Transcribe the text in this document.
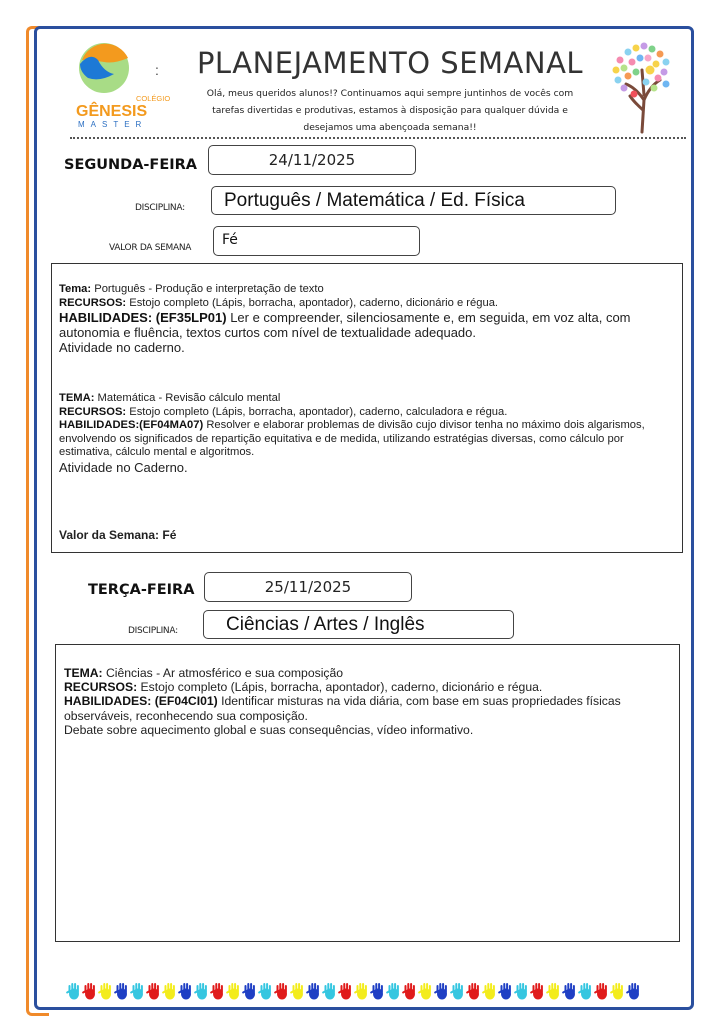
COLÉGIO
GÊNESIS
MASTER
: PLANEJAMENTO SEMANAL
Olá, meus queridos alunos!? Continuamos aqui sempre juntinhos de vocês com
tarefas divertidas e produtivas, estamos à disposição para qualquer dúvida e
desejamos uma abençoada semana!!
SEGUNDA-FEIRA	24/11/2025
DISCIPLINA:	Português / Matemática / Ed. Física
VALOR DA SEMANA	Fé

Tema: Português - Produção e interpretação de texto

RECURSOS: Estojo completo (Lápis, borracha, apontador), caderno, dicionário e régua.

HABILIDADES: (EF35LP01) Ler e compreender, silenciosamente e, em seguida, em voz alta, com autonomia e fluência, textos curtos com nível de textualidade adequado.

Atividade no caderno.

TEMA: Matemática - Revisão cálculo mental

RECURSOS: Estojo completo (Lápis, borracha, apontador), caderno, calculadora e régua.

HABILIDADES:(EF04MA07) Resolver e elaborar problemas de divisão cujo divisor tenha no máximo dois algarismos, envolvendo os significados de repartição equitativa e de medida, utilizando estratégias diversas, como cálculo por estimativa, cálculo mental e algoritmos.

Atividade no Caderno.

Valor da Semana: Fé
TERÇA-FEIRA	25/11/2025
DISCIPLINA:	Ciências / Artes / Inglês

TEMA: Ciências - Ar atmosférico e sua composição

RECURSOS: Estojo completo (Lápis, borracha, apontador), caderno, dicionário e régua.

HABILIDADES: (EF04CI01) Identificar misturas na vida diária, com base em suas propriedades físicas observáveis, reconhecendo sua composição.

Debate sobre aquecimento global e suas consequências, vídeo informativo.
